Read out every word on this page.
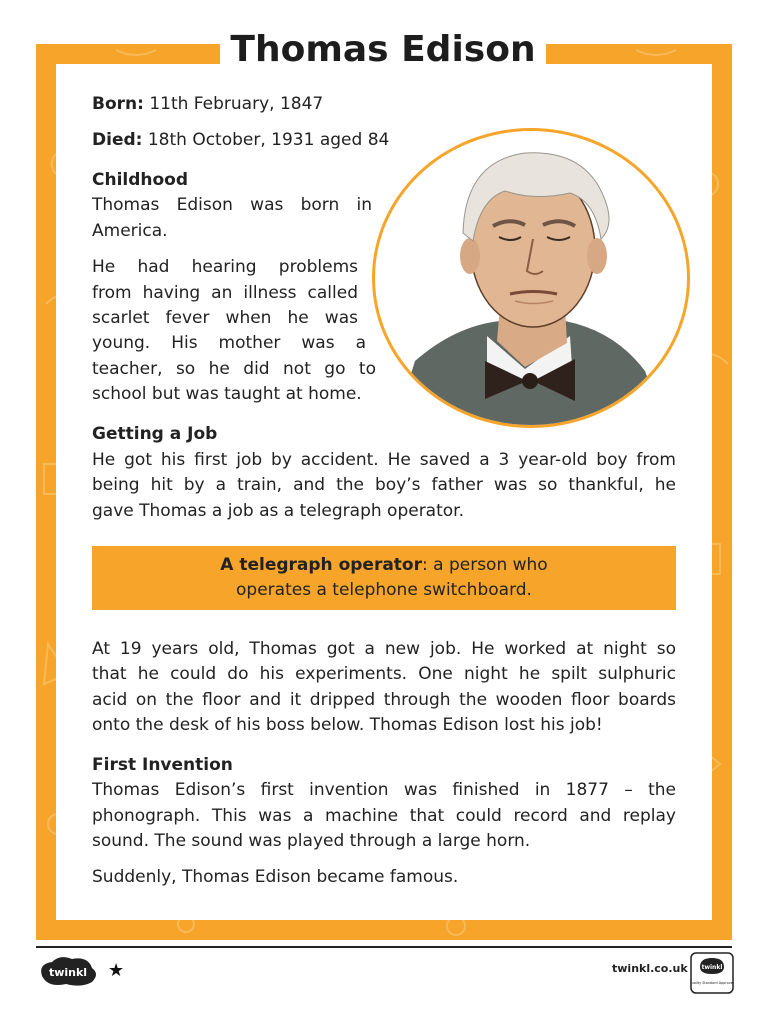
Thomas Edison

Born: 11th February, 1847

Died: 18th October, 1931 aged 84

Childhood

Thomas Edison was born in

America.

He had hearing problems

from having an illness called

scarlet fever when he was

young. His mother was a

teacher, so he did not go to

school but was taught at home.

Getting a Job

He got his first job by accident. He saved a 3 year-old boy from

being hit by a train, and the boy’s father was so thankful, he

gave Thomas a job as a telegraph operator.

A telegraph operator: a person who
operates a telephone switchboard.

At 19 years old, Thomas got a new job. He worked at night so

that he could do his experiments. One night he spilt sulphuric

acid on the floor and it dripped through the wooden floor boards

onto the desk of his boss below. Thomas Edison lost his job!

First Invention

Thomas Edison’s first invention was finished in 1877 – the

phonograph. This was a machine that could record and replay

sound. The sound was played through a large horn.

Suddenly, Thomas Edison became famous.

twinkl ★	twinkl.co.uk twinkl
Quality Standard Approved
